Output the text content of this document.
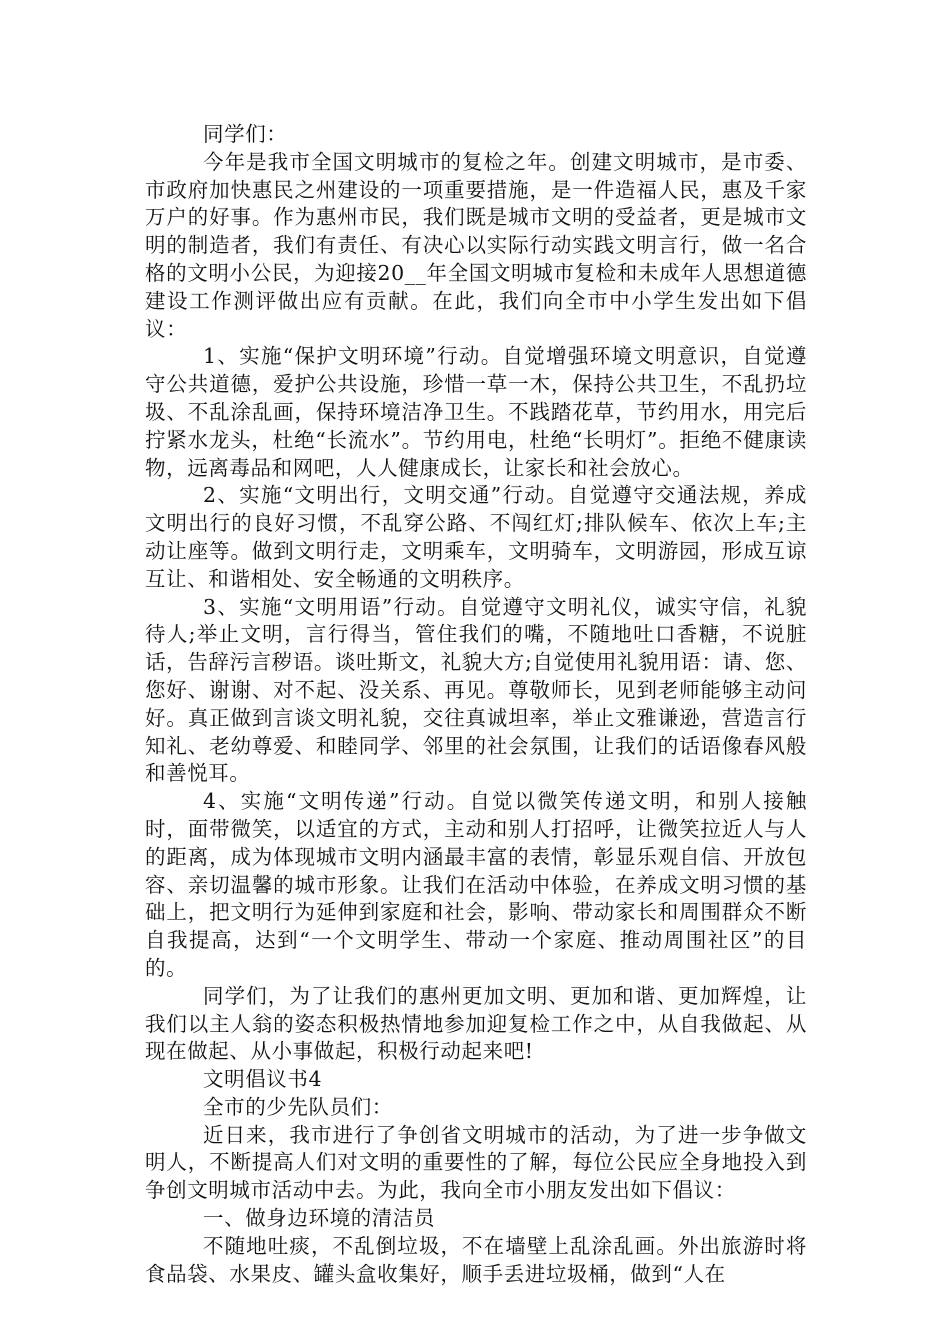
同学们：

今年是我市全国文明城市的复检之年。创建文明城市，是市委、市政府加快惠民之州建设的一项重要措施，是一件造福人民，惠及千家万户的好事。作为惠州市民，我们既是城市文明的受益者，更是城市文明的制造者，我们有责任、有决心以实际行动实践文明言行，做一名合格的文明小公民，为迎接20__年全国文明城市复检和未成年人思想道德建设工作测评做出应有贡献。在此，我们向全市中小学生发出如下倡议：

1、实施“保护文明环境”行动。自觉增强环境文明意识，自觉遵守公共道德，爱护公共设施，珍惜一草一木，保持公共卫生，不乱扔垃圾、不乱涂乱画，保持环境洁净卫生。不践踏花草，节约用水，用完后拧紧水龙头，杜绝“长流水”。节约用电，杜绝“长明灯”。拒绝不健康读物，远离毒品和网吧，人人健康成长，让家长和社会放心。

2、实施“文明出行，文明交通”行动。自觉遵守交通法规，养成文明出行的良好习惯，不乱穿公路、不闯红灯;排队候车、依次上车;主动让座等。做到文明行走，文明乘车，文明骑车，文明游园，形成互谅互让、和谐相处、安全畅通的文明秩序。

3、实施“文明用语”行动。自觉遵守文明礼仪，诚实守信，礼貌待人;举止文明，言行得当，管住我们的嘴，不随地吐口香糖，不说脏话，告辞污言秽语。谈吐斯文，礼貌大方;自觉使用礼貌用语：请、您、您好、谢谢、对不起、没关系、再见。尊敬师长，见到老师能够主动问好。真正做到言谈文明礼貌，交往真诚坦率，举止文雅谦逊，营造言行知礼、老幼尊爱、和睦同学、邻里的社会氛围，让我们的话语像春风般和善悦耳。

4、实施“文明传递”行动。自觉以微笑传递文明，和别人接触时，面带微笑，以适宜的方式，主动和别人打招呼，让微笑拉近人与人的距离，成为体现城市文明内涵最丰富的表情，彰显乐观自信、开放包容、亲切温馨的城市形象。让我们在活动中体验，在养成文明习惯的基础上，把文明行为延伸到家庭和社会，影响、带动家长和周围群众不断自我提高，达到“一个文明学生、带动一个家庭、推动周围社区”的目的。

同学们，为了让我们的惠州更加文明、更加和谐、更加辉煌，让我们以主人翁的姿态积极热情地参加迎复检工作之中，从自我做起、从现在做起、从小事做起，积极行动起来吧!

文明倡议书4

全市的少先队员们：

近日来，我市进行了争创省文明城市的活动，为了进一步争做文明人，不断提高人们对文明的重要性的了解，每位公民应全身地投入到争创文明城市活动中去。为此，我向全市小朋友发出如下倡议：

一、做身边环境的清洁员

不随地吐痰，不乱倒垃圾，不在墙壁上乱涂乱画。外出旅游时将食品袋、水果皮、罐头盒收集好，顺手丢进垃圾桶，做到“人在
